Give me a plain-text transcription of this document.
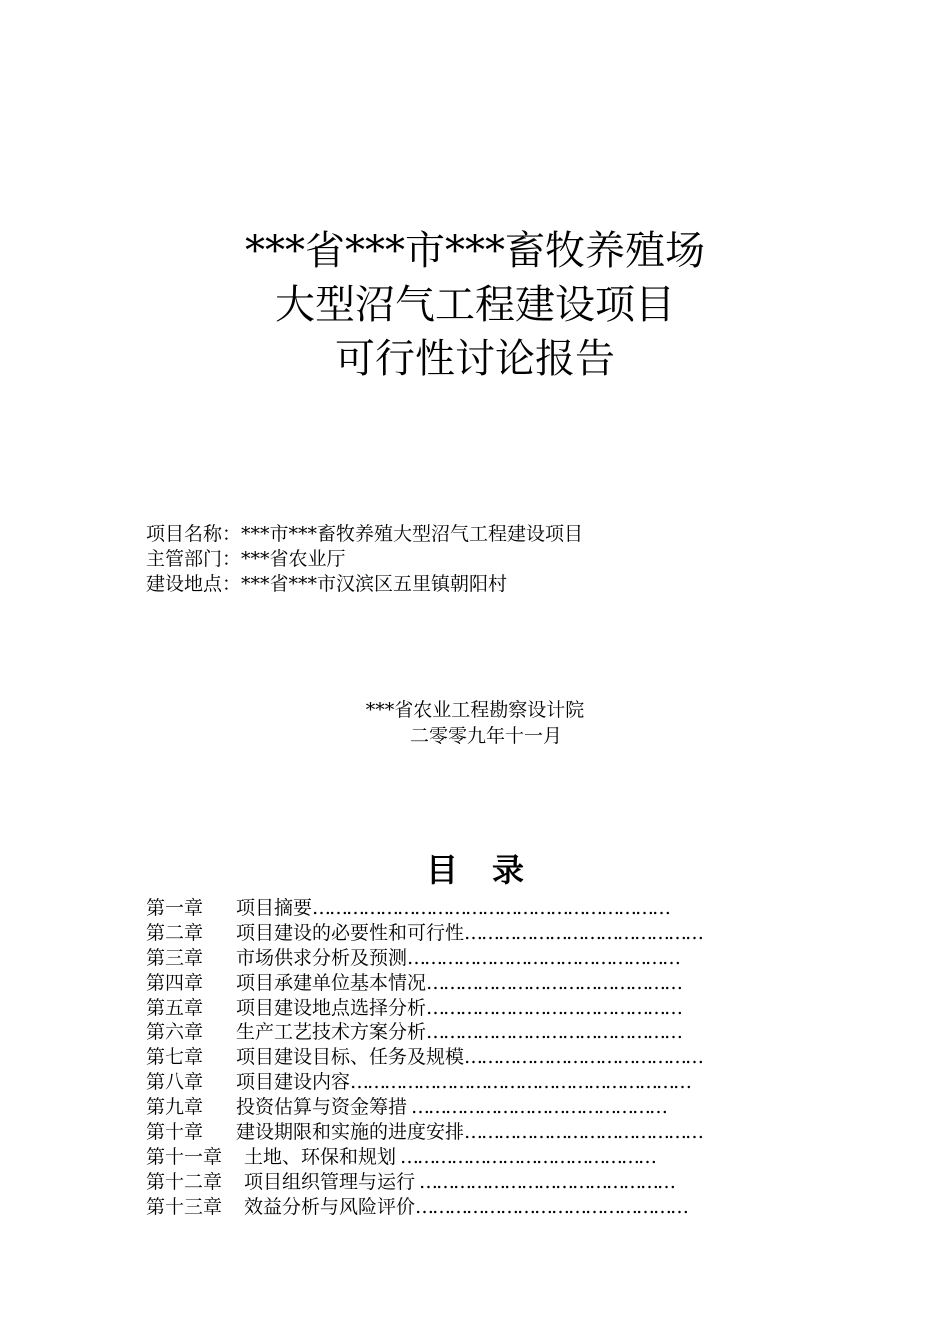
***省***市***畜牧养殖场
大型沼气工程建设项目
可行性讨论报告
项目名称：***市***畜牧养殖大型沼气工程建设项目
主管部门：***省农业厅
建设地点：***省***市汉滨区五里镇朝阳村
***省农业工程勘察设计院
二零零九年十一月
目录
第一章 项目摘要………………………………………………………
第二章 项目建设的必要性和可行性……………………………………
第三章 市场供求分析及预测…………………………………………
第四章 项目承建单位基本情况………………………………………
第五章 项目建设地点选择分析………………………………………
第六章 生产工艺技术方案分析………………………………………
第七章 项目建设目标、任务及规模……………………………………
第八章 项目建设内容……………………………………………………
第九章 投资估算与资金筹措 ………………………………………
第十章 建设期限和实施的进度安排……………………………………
第十一章 土地、环保和规划 ………………………………………
第十二章 项目组织管理与运行 ………………………………………
第十三章 效益分析与风险评价…………………………………………
